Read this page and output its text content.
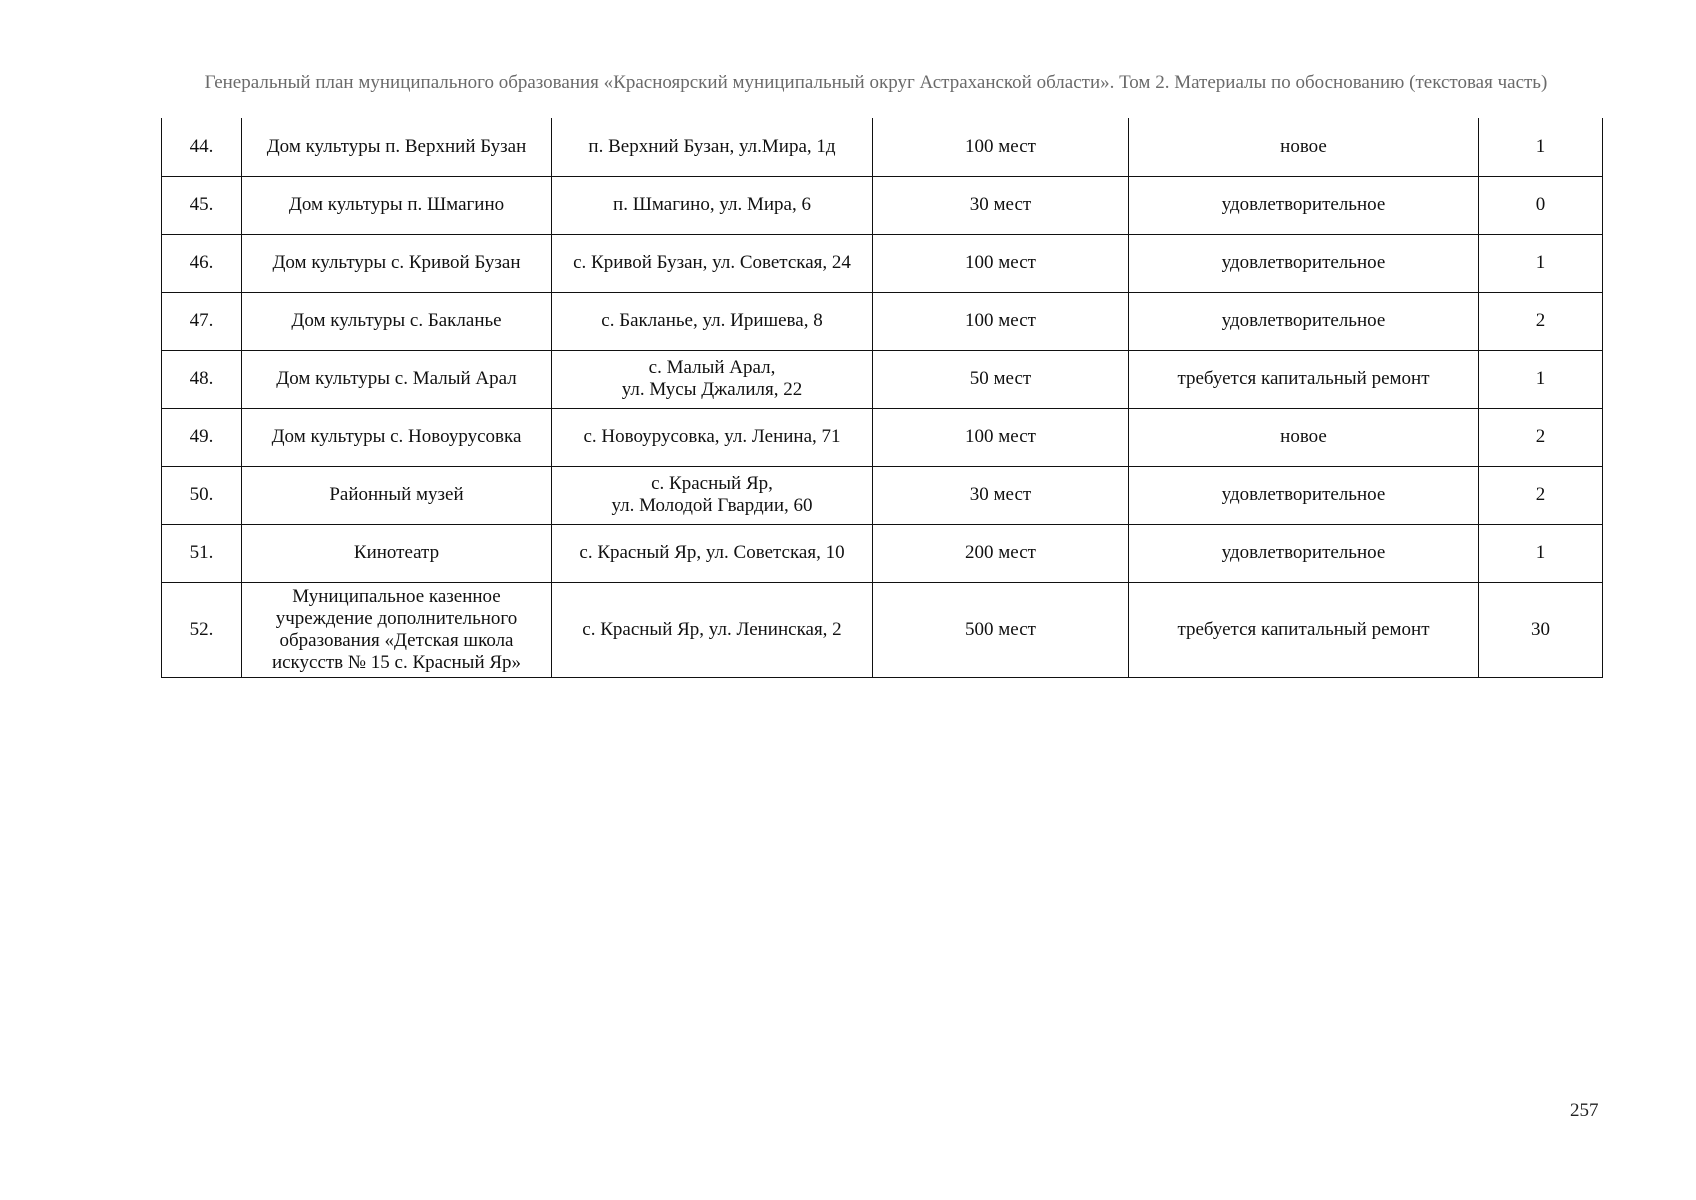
Генеральный план муниципального образования «Красноярский муниципальный округ Астраханской области». Том 2. Материалы по обоснованию (текстовая часть)
44.	Дом культуры п. Верхний Бузан	п. Верхний Бузан, ул.Мира, 1д	100 мест	новое	1
45.	Дом культуры п. Шмагино	п. Шмагино, ул. Мира, 6	30 мест	удовлетворительное	0
46.	Дом культуры с. Кривой Бузан	с. Кривой Бузан, ул. Советская, 24	100 мест	удовлетворительное	1
47.	Дом культуры с. Бакланье	с. Бакланье, ул. Иришева, 8	100 мест	удовлетворительное	2
48.	Дом культуры с. Малый Арал	с. Малый Арал,
ул. Мусы Джалиля, 22	50 мест	требуется капитальный ремонт	1
49.	Дом культуры с. Новоурусовка	с. Новоурусовка, ул. Ленина, 71	100 мест	новое	2
50.	Районный музей	с. Красный Яр,
ул. Молодой Гвардии, 60	30 мест	удовлетворительное	2
51.	Кинотеатр	с. Красный Яр, ул. Советская, 10	200 мест	удовлетворительное	1
52.	Муниципальное казенное
учреждение дополнительного
образования «Детская школа
искусств № 15 с. Красный Яр»	с. Красный Яр, ул. Ленинская, 2	500 мест	требуется капитальный ремонт	30
257
